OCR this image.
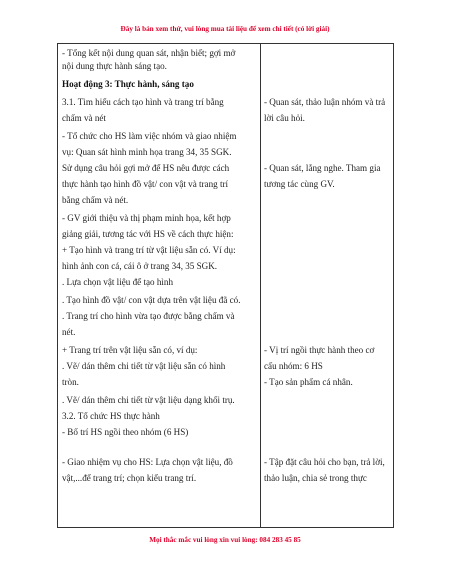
Đây là bản xem thử, vui lòng mua tài liệu để xem chi tiết (có lời giải)
- Tổng kết nội dung quan sát, nhận biết; gợi mở
nội dung thực hành sáng tạo.
Hoạt động 3: Thực hành, sáng tạo
3.1. Tìm hiểu cách tạo hình và trang trí bằng
chấm và nét
- Tổ chức cho HS làm việc nhóm và giao nhiệm
vụ: Quan sát hình minh họa trang 34, 35 SGK.
Sử dụng câu hỏi gợi mở để HS nêu được cách
thực hành tạo hình đồ vật/ con vật và trang trí
bằng chấm và nét.
- GV giới thiệu và thị phạm minh họa, kết hợp
giảng giải, tương tác với HS về cách thực hiện:
+ Tạo hình và trang trí từ vật liệu sẵn có. Ví dụ:
hình ảnh con cá, cái ô ở trang 34, 35 SGK.
. Lựa chọn vật liệu để tạo hình
. Tạo hình đồ vật/ con vật dựa trên vật liệu đã có.
. Trang trí cho hình vừa tạo được bằng chấm và
nét.
+ Trang trí trên vật liệu sẵn có, ví dụ:
. Vẽ/ dán thêm chi tiết từ vật liệu sẵn có hình
tròn.
. Vẽ/ dán thêm chi tiết từ vật liệu dạng khối trụ.
3.2. Tổ chức HS thực hành
- Bố trí HS ngồi theo nhóm (6 HS)
- Giao nhiệm vụ cho HS: Lựa chọn vật liệu, đồ
vật,...để trang trí; chọn kiểu trang trí.
- Quan sát, thảo luận nhóm và trả
lời câu hỏi.
- Quan sát, lắng nghe. Tham gia
tương tác cùng GV.
- Vị trí ngồi thực hành theo cơ
cấu nhóm: 6 HS
- Tạo sản phẩm cá nhân.
- Tập đặt câu hỏi cho bạn, trả lời,
thảo luận, chia sẻ trong thực
Mọi thắc mắc vui lòng xin vui lòng: 084 283 45 85
